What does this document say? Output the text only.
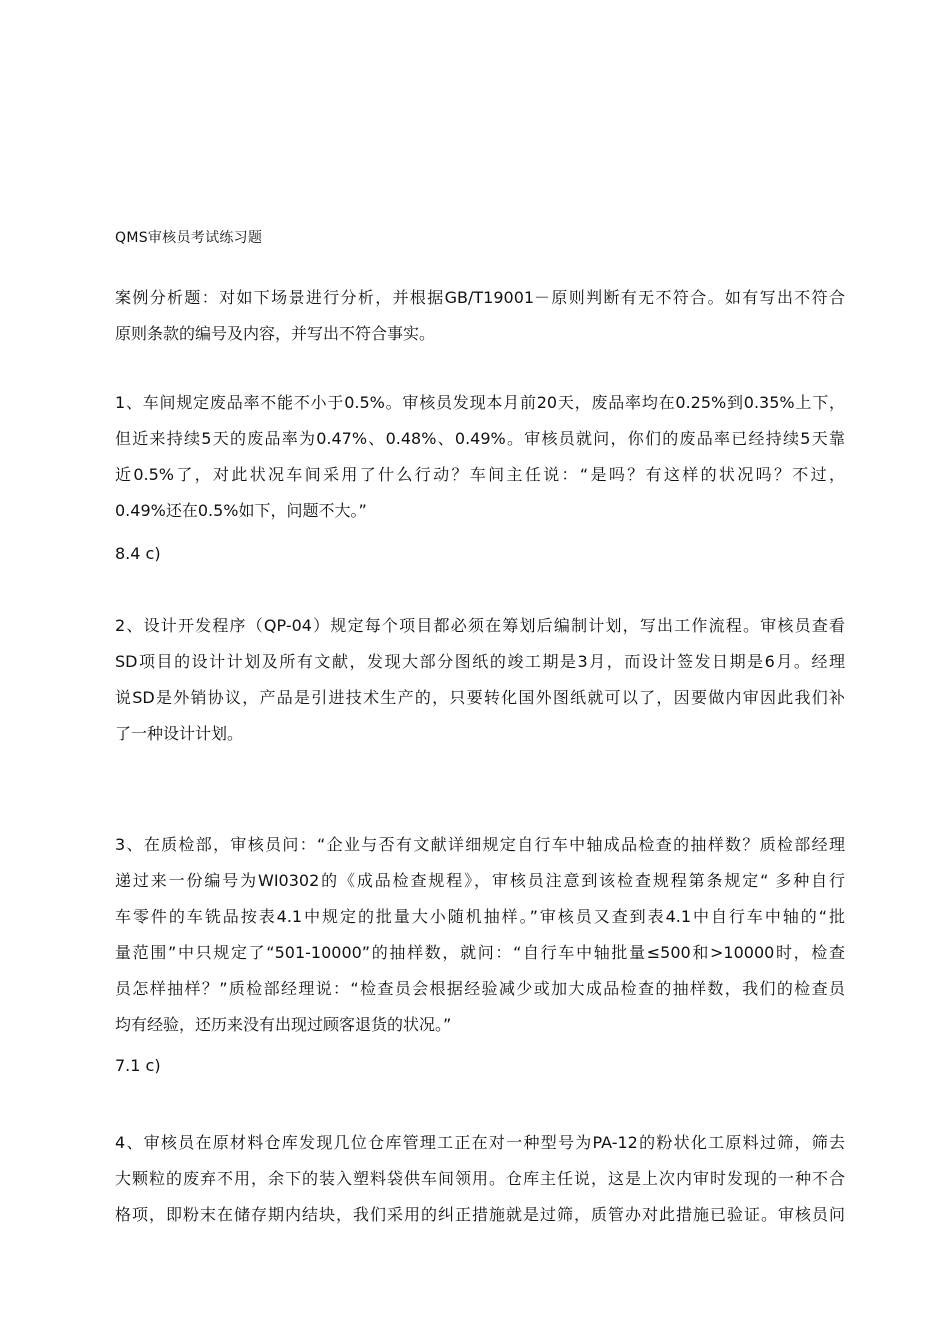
QMS审核员考试练习题

案例分析题：对如下场景进行分析，并根据GB/T19001－原则判断有无不符合。如有写出不符合
原则条款的编号及内容，并写出不符合事实。

1、车间规定废品率不能不小于0.5%。审核员发现本月前20天，废品率均在0.25%到0.35%上下，
但近来持续5天的废品率为0.47%、0.48%、0.49%。审核员就问，你们的废品率已经持续5天靠
近0.5%了，对此状况车间采用了什么行动？车间主任说：“是吗？有这样的状况吗？不过，
0.49%还在0.5%如下，问题不大。”

8.4 c)

2、设计开发程序（QP-04）规定每个项目都必须在筹划后编制计划，写出工作流程。审核员查看
SD项目的设计计划及所有文献，发现大部分图纸的竣工期是3月，而设计签发日期是6月。经理
说SD是外销协议，产品是引进技术生产的，只要转化国外图纸就可以了，因要做内审因此我们补
了一种设计计划。

3、在质检部，审核员问：“企业与否有文献详细规定自行车中轴成品检查的抽样数？质检部经理
递过来一份编号为WI0302的《成品检查规程》，审核员注意到该检查规程第条规定“ 多种自行
车零件的车铣品按表4.1中规定的批量大小随机抽样。”审核员又查到表4.1中自行车中轴的“批
量范围”中只规定了“501-10000”的抽样数，就问：“自行车中轴批量≤500和>10000时，检查
员怎样抽样？”质检部经理说：“检查员会根据经验减少或加大成品检查的抽样数，我们的检查员
均有经验，还历来没有出现过顾客退货的状况。”

7.1 c)

4、审核员在原材料仓库发现几位仓库管理工正在对一种型号为PA-12的粉状化工原料过筛，筛去
大颗粒的废弃不用，余下的装入塑料袋供车间领用。仓库主任说，这是上次内审时发现的一种不合
格项，即粉末在储存期内结块，我们采用的纠正措施就是过筛，质管办对此措施已验证。审核员问
